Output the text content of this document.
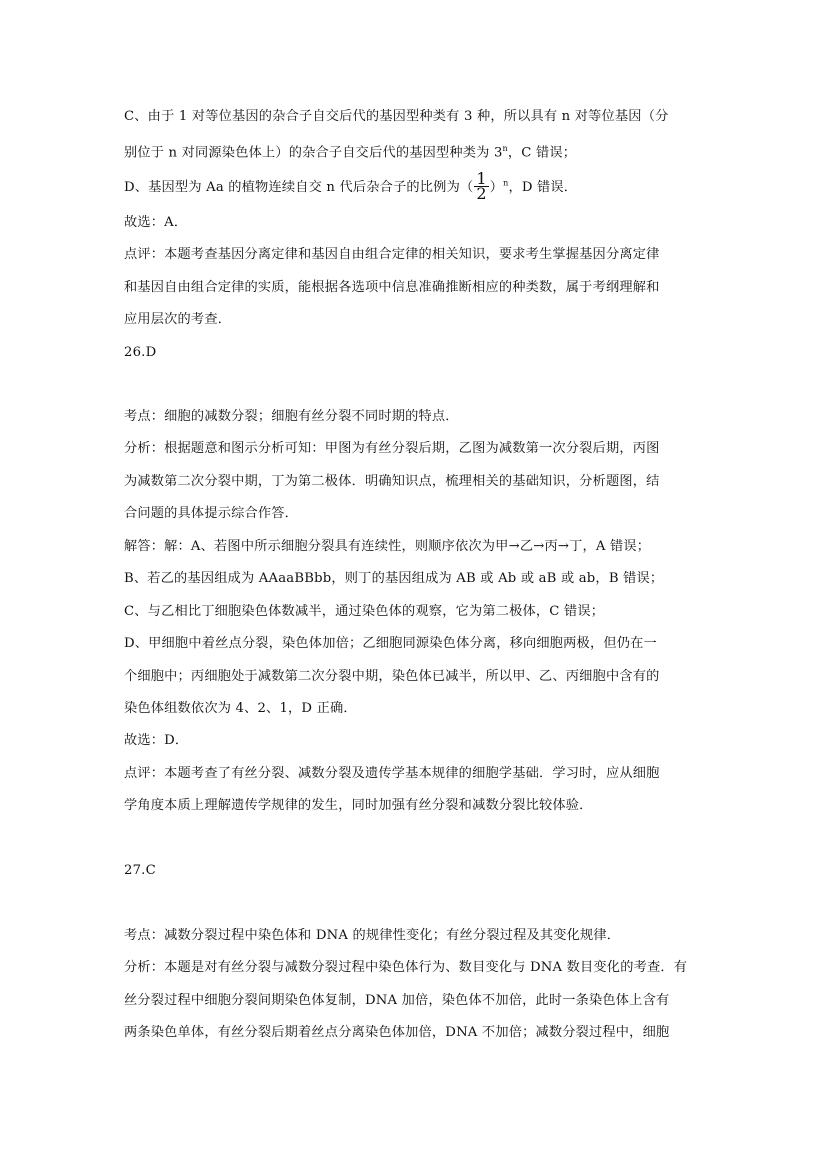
C、由于 1 对等位基因的杂合子自交后代的基因型种类有 3 种，所以具有 n 对等位基因（分
别位于 n 对同源染色体上）的杂合子自交后代的基因型种类为 3$^n$，C 错误；
D、基因型为 Aa 的植物连续自交 n 代后杂合子的比例为（ $\frac{1}{2} )^n$，D 错误．
故选：A．
点评：本题考查基因分离定律和基因自由组合定律的相关知识，要求考生掌握基因分离定律
和基因自由组合定律的实质，能根据各选项中信息准确推断相应的种类数，属于考纲理解和
应用层次的考查．
26.D
考点：细胞的减数分裂；细胞有丝分裂不同时期的特点．
分析：根据题意和图示分析可知：甲图为有丝分裂后期，乙图为减数第一次分裂后期，丙图
为减数第二次分裂中期，丁为第二极体．明确知识点，梳理相关的基础知识，分析题图，结
合问题的具体提示综合作答．
解答：解：A、若图中所示细胞分裂具有连续性，则顺序依次为甲→乙→丙→丁，A 错误；
B、若乙的基因组成为 AAaaBBbb，则丁的基因组成为 AB 或 Ab 或 aB 或 ab，B 错误；
C、与乙相比丁细胞染色体数减半，通过染色体的观察，它为第二极体，C 错误；
D、甲细胞中着丝点分裂，染色体加倍；乙细胞同源染色体分离，移向细胞两极，但仍在一
个细胞中；丙细胞处于减数第二次分裂中期，染色体已减半，所以甲、乙、丙细胞中含有的
染色体组数依次为 4、2、1，D 正确．
故选：D．
点评：本题考查了有丝分裂、减数分裂及遗传学基本规律的细胞学基础．学习时，应从细胞
学角度本质上理解遗传学规律的发生，同时加强有丝分裂和减数分裂比较体验．
27.C
考点：减数分裂过程中染色体和 DNA 的规律性变化；有丝分裂过程及其变化规律．
分析：本题是对有丝分裂与减数分裂过程中染色体行为、数目变化与 DNA 数目变化的考查．有
丝分裂过程中细胞分裂间期染色体复制，DNA 加倍，染色体不加倍，此时一条染色体上含有
两条染色单体，有丝分裂后期着丝点分离染色体加倍，DNA 不加倍；减数分裂过程中，细胞
